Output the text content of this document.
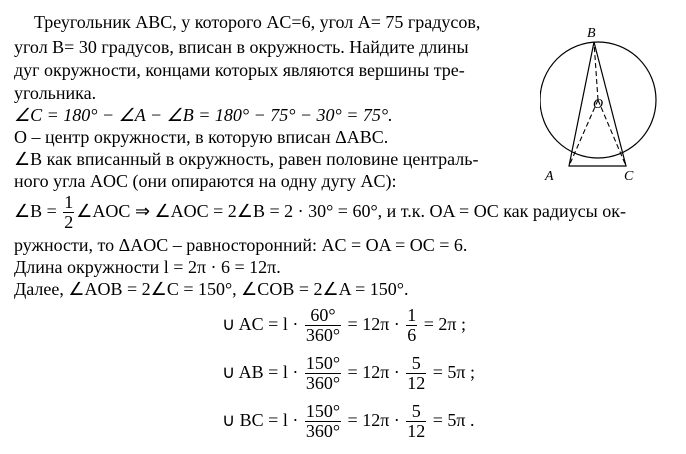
Треугольник ABC, у которого AC=6, угол A= 75 градусов,
угол B= 30 градусов, вписан в окружность. Найдите длины
дуг окружности, концами которых являются вершины тре-
угольника.
∠C = 180° − ∠A − ∠B = 180° − 75° − 30° = 75°.
O – центр окружности, в которую вписан ΔABC.
∠B как вписанный в окружность, равен половине централь-
ного угла AOC (они опираются на одну дугу AC):
∠B = $\frac{1}{2}$ ∠AOC ⇒ ∠AOC = 2∠B = 2 · 30° = 60°, и т.к. OA = OC как радиусы ок-
ружности, то ΔAOC – равносторонний: AC = OA = OC = 6.
Длина окружности l = 2π · 6 = 12π.
Далее, ∠AOB = 2∠C = 150°, ∠COB = 2∠A = 150°.
∪ AC = $l \cdot \frac{60^\circ}{360^\circ} = 12\pi \cdot \frac{1}{6} = 2\pi$ ;
∪ AB = $l \cdot \frac{150^\circ}{360^\circ} = 12\pi \cdot \frac{5}{12} = 5\pi$ ;
∪ BC = $l \cdot \frac{150^\circ}{360^\circ} = 12\pi \cdot \frac{5}{12} = 5\pi$ .
B
O
A	C
